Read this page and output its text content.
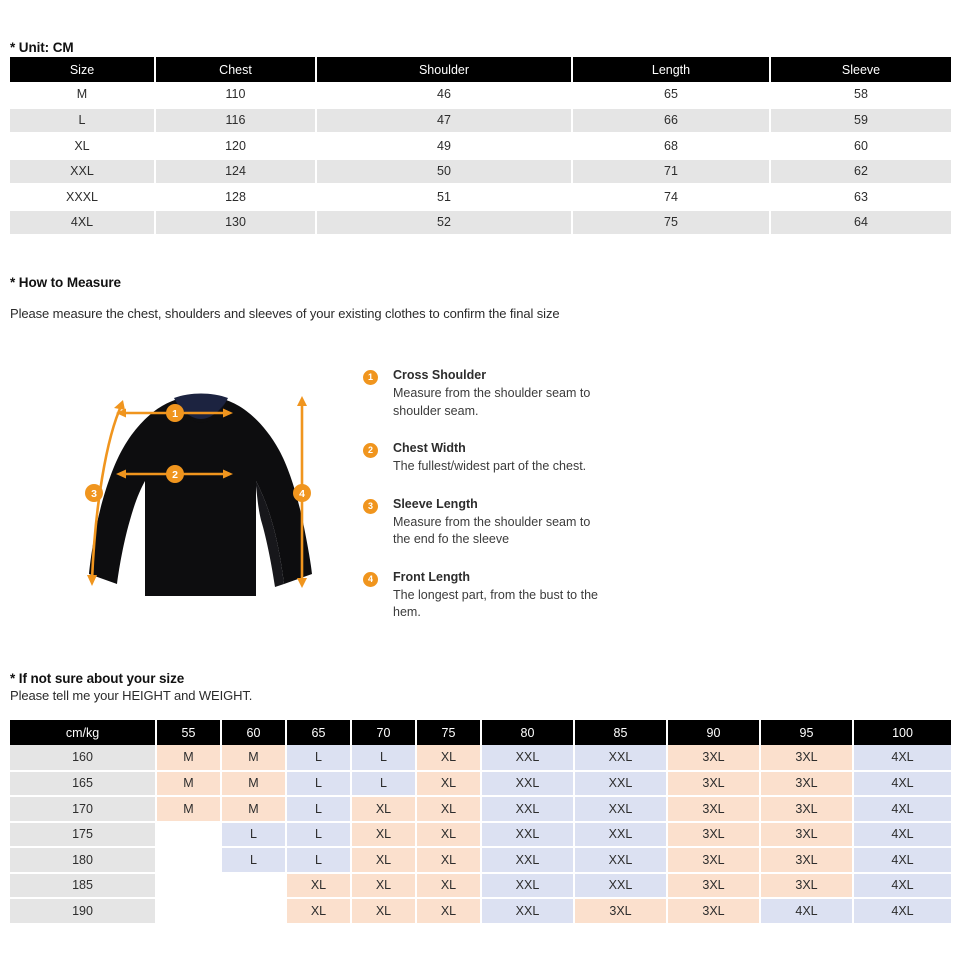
* Unit: CM
Size	Chest	Shoulder	Length	Sleeve
M	110	46	65	58
L	116	47	66	59
XL	120	49	68	60
XXL	124	50	71	62
XXXL	128	51	74	63
4XL	130	52	75	64
* How to Measure
Please measure the chest, shoulders and sleeves of your existing clothes to confirm the final size
1
2
3	4
1	Cross Shoulder
Measure from the shoulder seam to shoulder seam.
2	Chest Width
The fullest/widest part of the chest.
3	Sleeve Length
Measure from the shoulder seam to the end fo the sleeve
4	Front Length
The longest part, from the bust to the hem.
* If not sure about your size
Please tell me your HEIGHT and WEIGHT.
cm/kg	55	60	65	70	75	80	85	90	95	100
160	M	M	L	L	XL	XXL	XXL	3XL	3XL	4XL
165	M	M	L	L	XL	XXL	XXL	3XL	3XL	4XL
170	M	M	L	XL	XL	XXL	XXL	3XL	3XL	4XL
175		L	L	XL	XL	XXL	XXL	3XL	3XL	4XL
180		L	L	XL	XL	XXL	XXL	3XL	3XL	4XL
185			XL	XL	XL	XXL	XXL	3XL	3XL	4XL
190			XL	XL	XL	XXL	3XL	3XL	4XL	4XL
